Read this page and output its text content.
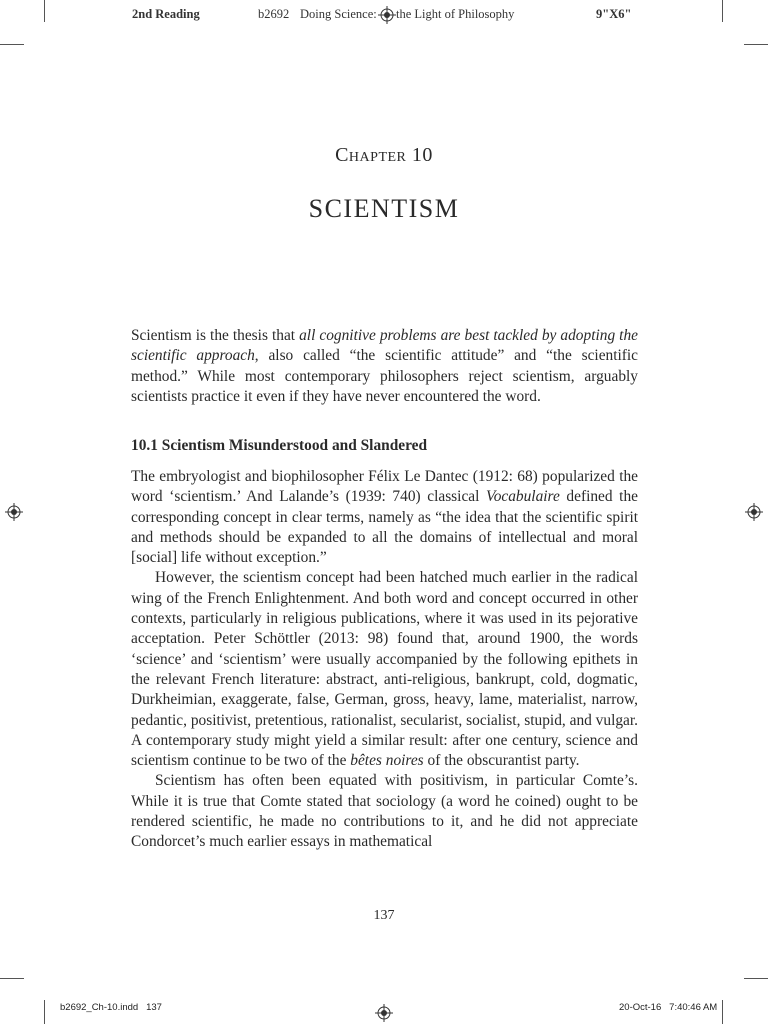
2nd Reading	b2692 Doing Science: the Light of Philosophy	9"X6"
Chapter 10
SCIENTISM

Scientism is the thesis that all cognitive problems are best tackled by adopting the scientific approach, also called “the scientific attitude” and “the scientific method.” While most contemporary philosophers reject scientism, arguably scientists practice it even if they have never encountered the word.

10.1 Scientism Misunderstood and Slandered

The embryologist and biophilosopher Félix Le Dantec (1912: 68) popularized the word ‘scientism.’ And Lalande’s (1939: 740) classical Vocabulaire defined the corresponding concept in clear terms, namely as “the idea that the scientific spirit and methods should be expanded to all the domains of intellectual and moral [social] life without exception.”

However, the scientism concept had been hatched much earlier in the radical wing of the French Enlightenment. And both word and concept occurred in other contexts, particularly in religious publications, where it was used in its pejorative acceptation. Peter Schöttler (2013: 98) found that, around 1900, the words ‘science’ and ‘scientism’ were usually accompanied by the following epithets in the relevant French literature: abstract, anti-religious, bankrupt, cold, dogmatic, Durkheimian, exaggerate, false, German, gross, heavy, lame, materialist, narrow, pedantic, positivist, pretentious, rationalist, secularist, socialist, stupid, and vulgar. A contemporary study might yield a similar result: after one century, science and scientism continue to be two of the bêtes noires of the obscurantist party.

Scientism has often been equated with positivism, in particular Comte’s. While it is true that Comte stated that sociology (a word he coined) ought to be rendered scientific, he made no contributions to it, and he did not appreciate Condorcet’s much earlier essays in mathematical

137
b2692_Ch-10.indd   137	20-Oct-16   7:40:46 AM
